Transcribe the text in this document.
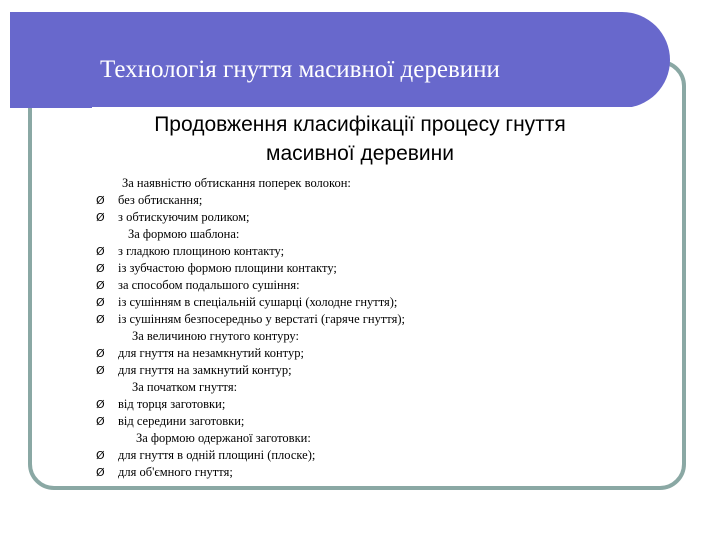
Технологія гнуття масивної деревини
Продовження класифікації процесу гнуття
масивної деревини
За наявністю обтискання поперек волокон:
Ø	без обтискання;
Ø	з обтискуючим роликом;
За формою шаблона:
Ø	з гладкою площиною контакту;
Ø	із зубчастою формою площини контакту;
Ø	за способом подальшого сушіння:
Ø	із сушінням в спеціальній сушарці (холодне гнуття);
Ø	із сушінням безпосередньо у верстаті (гаряче гнуття);
За величиною гнутого контуру:
Ø	для гнуття на незамкнутий контур;
Ø	для гнуття на замкнутий контур;
За початком гнуття:
Ø	від торця заготовки;
Ø	від середини заготовки;
За формою одержаної заготовки:
Ø	для гнуття в одній площині (плоске);
Ø	для об'ємного гнуття;
